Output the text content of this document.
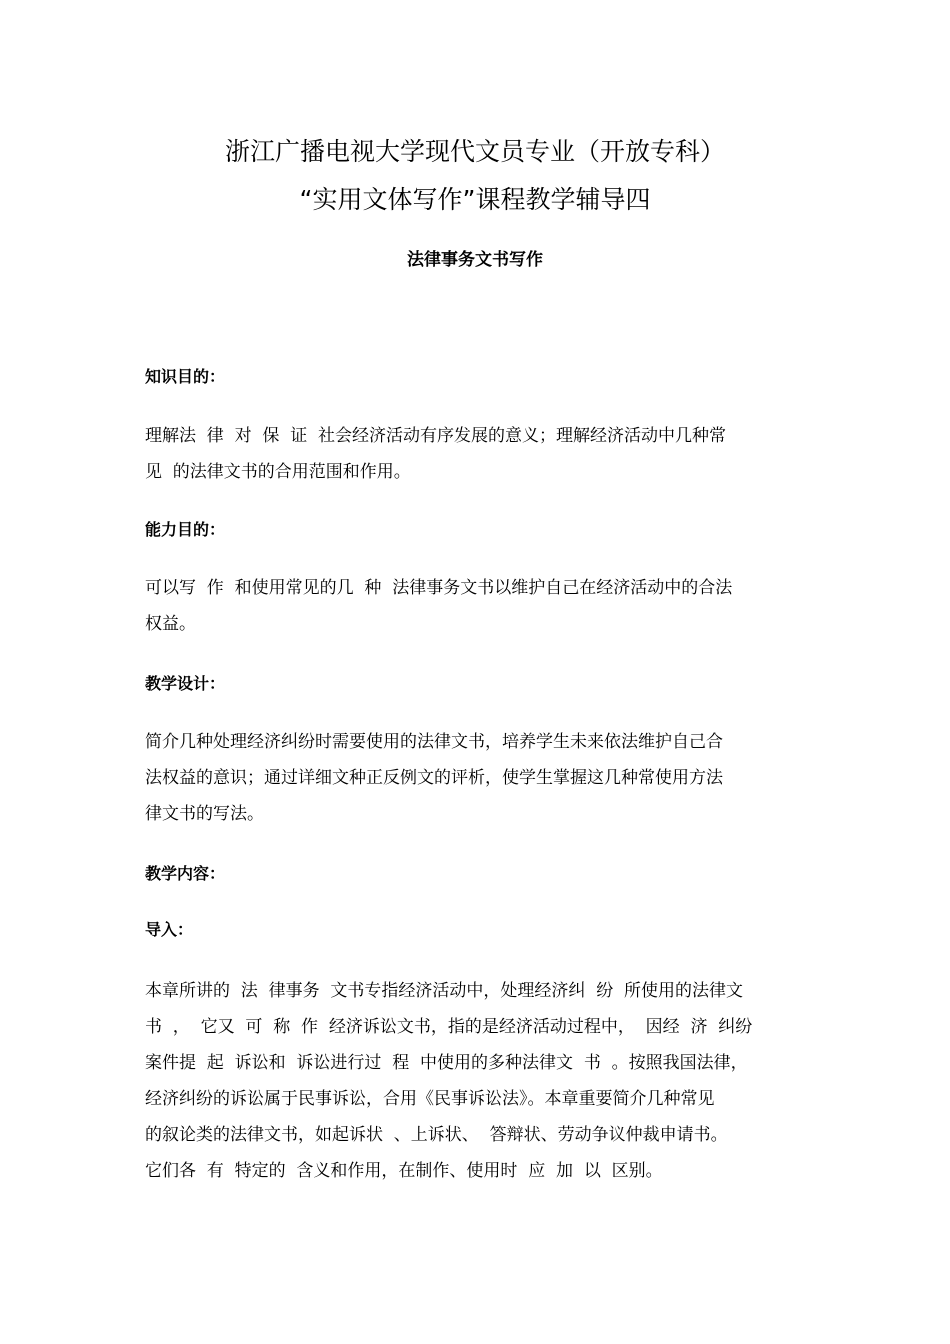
浙江广播电视大学现代文员专业（开放专科）
“实用文体写作”课程教学辅导四
法律事务文书写作
知识目的：
理解法  律  对  保  证  社会经济活动有序发展的意义；理解经济活动中几种常
见  的法律文书的合用范围和作用。
能力目的：
可以写  作  和使用常见的几  种  法律事务文书以维护自己在经济活动中的合法
权益。
教学设计：
简介几种处理经济纠纷时需要使用的法律文书，培养学生未来依法维护自己合
法权益的意识；通过详细文种正反例文的评析，使学生掌握这几种常使用方法
律文书的写法。
教学内容：
导入：
本章所讲的  法  律事务  文书专指经济活动中，处理经济纠  纷  所使用的法律文
书  ，  它又  可  称  作  经济诉讼文书，指的是经济活动过程中，  因经  济  纠纷
案件提  起  诉讼和  诉讼进行过  程  中使用的多种法律文  书  。按照我国法律，
经济纠纷的诉讼属于民事诉讼，合用《民事诉讼法》。本章重要简介几种常见
的叙论类的法律文书，如起诉状  、上诉状、  答辩状、劳动争议仲裁申请书。
它们各  有  特定的  含义和作用，在制作、使用时  应  加  以  区别。
